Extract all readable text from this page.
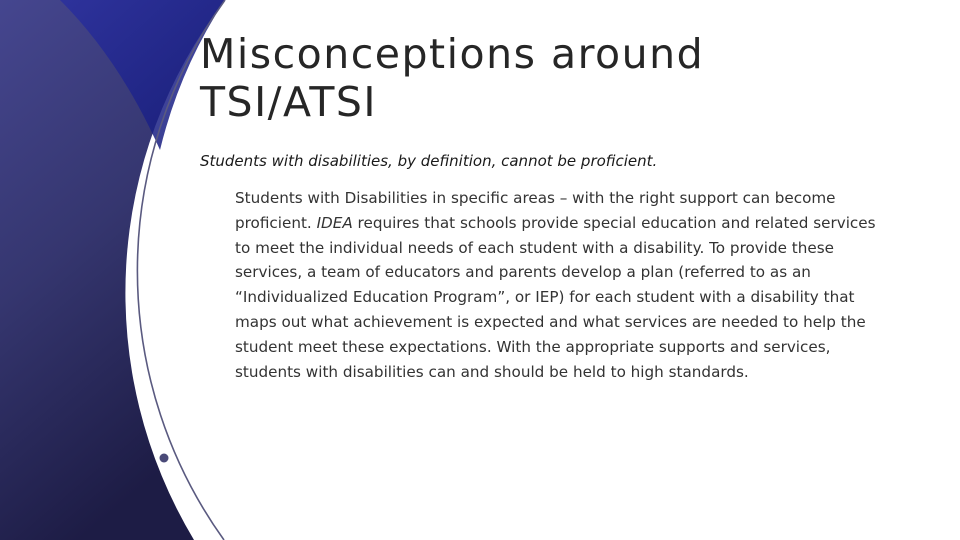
Misconceptions around
TSI/ATSI

Students with disabilities, by definition, cannot be proficient.

Students with Disabilities in specific areas – with the right support can become proficient. IDEA requires that schools provide special education and related services to meet the individual needs of each student with a disability. To provide these services, a team of educators and parents develop a plan (referred to as an “Individualized Education Program”, or IEP) for each student with a disability that maps out what achievement is expected and what services are needed to help the student meet these expectations. With the appropriate supports and services, students with disabilities can and should be held to high standards.
